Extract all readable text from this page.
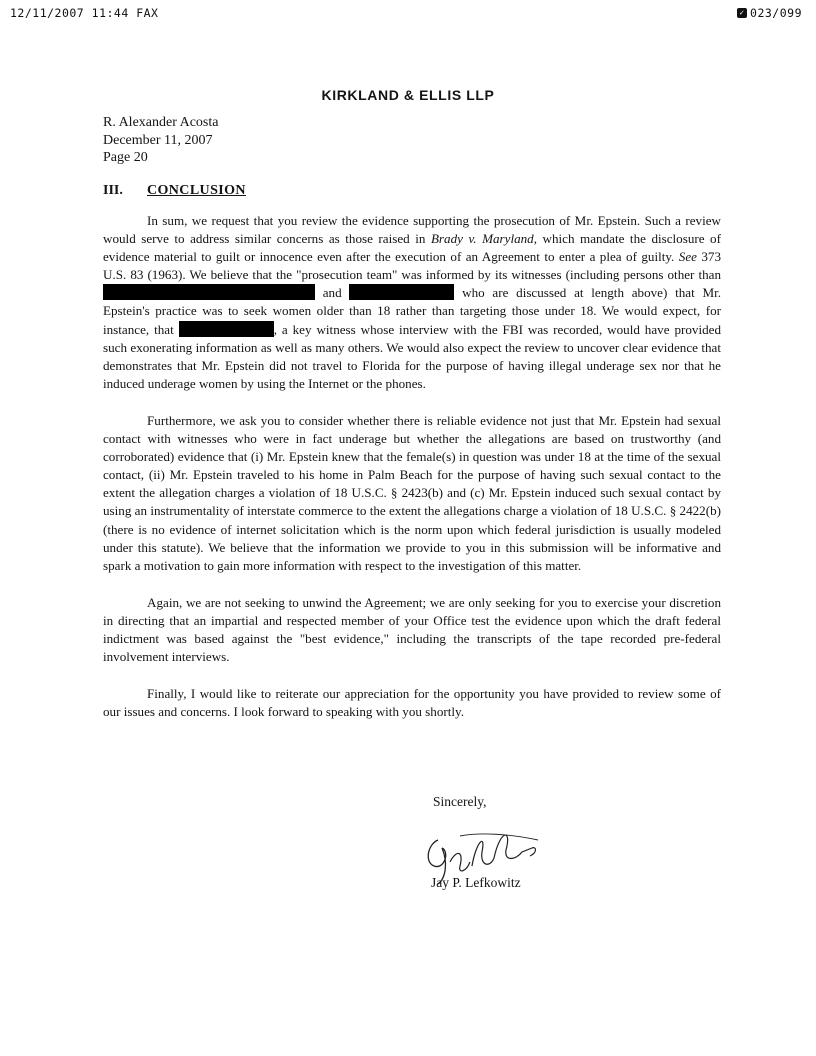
12/11/2007 11:44 FAX	✓ 023/099
KIRKLAND & ELLIS LLP
R. Alexander Acosta
December 11, 2007
Page 20
III. CONCLUSION

In sum, we request that you review the evidence supporting the prosecution of Mr. Epstein. Such a review would serve to address similar concerns as those raised in Brady v. Maryland, which mandate the disclosure of evidence material to guilt or innocence even after the execution of an Agreement to enter a plea of guilty. See 373 U.S. 83 (1963). We believe that the "prosecution team" was informed by its witnesses (including persons other than  and	who are discussed at length above) that Mr. Epstein's practice was to seek women older than 18 rather than targeting those under 18. We would expect, for instance, that	, a key witness whose interview with the FBI was recorded, would have provided such exonerating information as well as many others. We would also expect the review to uncover clear evidence that demonstrates that Mr. Epstein did not travel to Florida for the purpose of having illegal underage sex nor that he induced underage women by using the Internet or the phones.

Furthermore, we ask you to consider whether there is reliable evidence not just that Mr. Epstein had sexual contact with witnesses who were in fact underage but whether the allegations are based on trustworthy (and corroborated) evidence that (i) Mr. Epstein knew that the female(s) in question was under 18 at the time of the sexual contact, (ii) Mr. Epstein traveled to his home in Palm Beach for the purpose of having such sexual contact to the extent the allegation charges a violation of 18 U.S.C. § 2423(b) and (c) Mr. Epstein induced such sexual contact by using an instrumentality of interstate commerce to the extent the allegations charge a violation of 18 U.S.C. § 2422(b) (there is no evidence of internet solicitation which is the norm upon which federal jurisdiction is usually modeled under this statute). We believe that the information we provide to you in this submission will be informative and spark a motivation to gain more information with respect to the investigation of this matter.

Again, we are not seeking to unwind the Agreement; we are only seeking for you to exercise your discretion in directing that an impartial and respected member of your Office test the evidence upon which the draft federal indictment was based against the "best evidence," including the transcripts of the tape recorded pre-federal involvement interviews.

Finally, I would like to reiterate our appreciation for the opportunity you have provided to review some of our issues and concerns. I look forward to speaking with you shortly.

Sincerely,
Jay P. Lefkowitz
